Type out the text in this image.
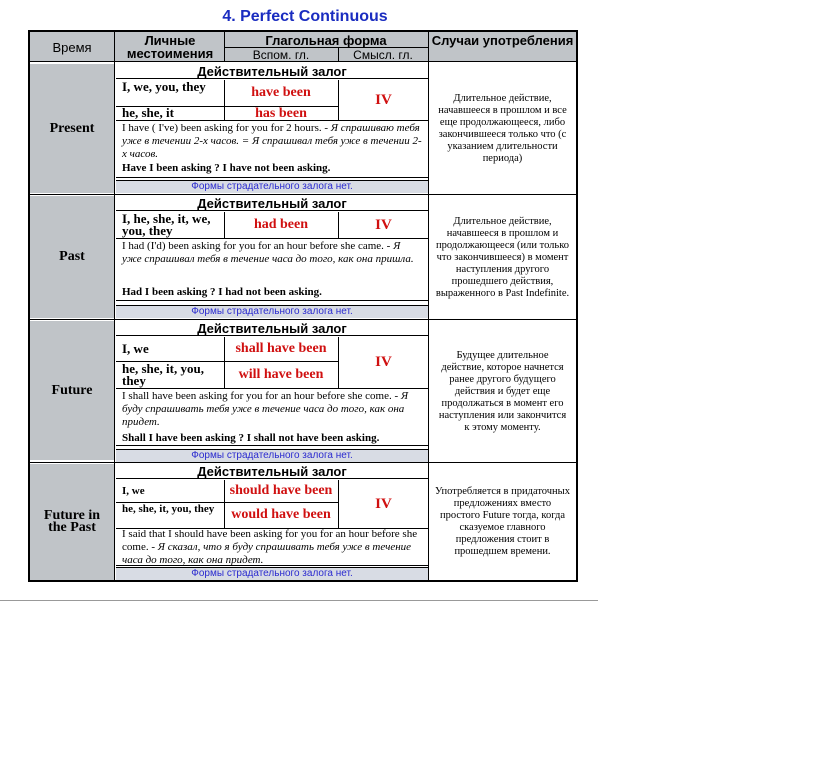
4. Perfect Continuous
Время	Личные местоимения
Глагольная форма
Вспом. гл.	Смысл. гл.
Случаи употребления
Present
Действительный залог
I, we, you, they	have been
he, she, it	has been
IV
I have ( I've) been asking for you for 2 hours. - Я спрашиваю тебя уже в течении 2-х часов. = Я спрашивал тебя уже в течении 2-х часов.
Have I been asking ? I have not been asking.
Формы страдательного залога нет.
Длительное действие, начавшееся в прошлом и все еще продолжающееся, либо закончившееся только что (с указанием длительности периода)
Past
Действительный залог
I, he, she, it, we, you, they	had been	IV
I had (I'd) been asking for you for an hour before she came. - Я уже спрашивал тебя в течение часа до того, как она пришла.
Had I been asking ? I had not been asking.
Формы страдательного залога нет.
Длительное действие, начавшееся в прошлом и продолжающееся (или только что закончившееся) в момент наступления другого прошедшего действия, выраженного в Past Indefinite.
Future
Действительный залог
I, we	shall have been
he, she, it, you, they	will have been
IV
I shall have been asking for you for an hour before she come. - Я буду спрашивать тебя уже в течение часа до того, как она придет.
Shall I have been asking ? I shall not have been asking.
Формы страдательного залога нет.
Будущее длительное действие, которое начнется ранее другого будущего действия и будет еще продолжаться в момент его наступления или закончится к этому моменту.
Future in the Past
Действительный залог
I, we	should have been
he, she, it, you, they	would have been
IV
I said that I should have been asking for you for an hour before she come. - Я сказал, что я буду спрашивать тебя уже в течение часа до того, как она придет.
Формы страдательного залога нет.
Употребляется в придаточных предложениях вместо простого Future тогда, когда сказуемое главного предложения стоит в прошедшем времени.
